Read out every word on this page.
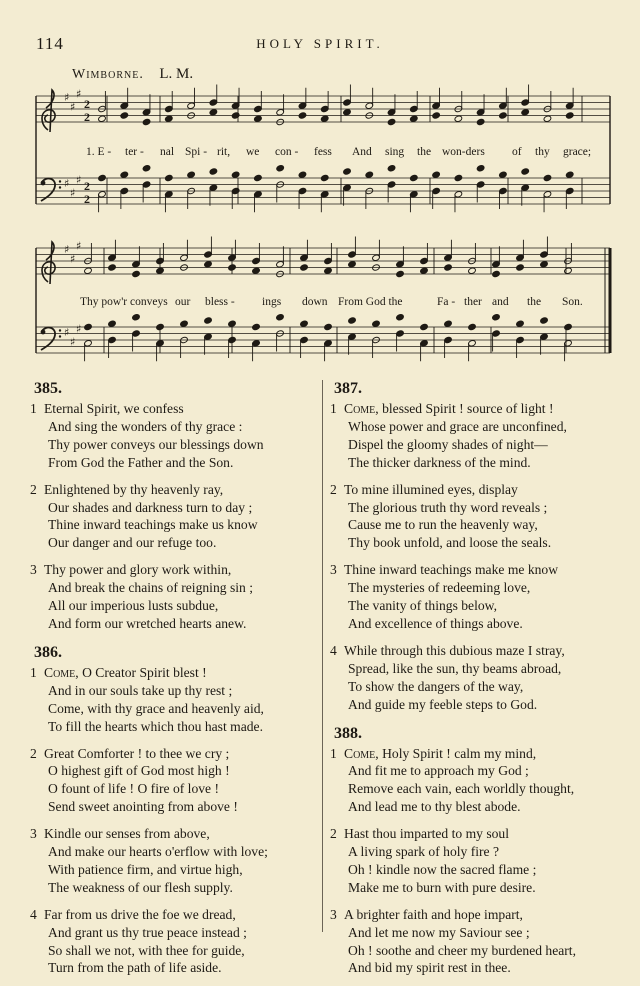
114	HOLY SPIRIT.
Wimborne. L. M.
♯
♯
♯
♯
♯
♯
2
2
2
2
♯
♯
♯
♯
♯
♯
1. E - ter - nal Spi - rit, we con - fess And sing the won-ders of thy grace;
Thy pow'r conveys our bless - ings down From God the	Fa - ther and the Son.
385.
1 Eternal Spirit, we confess
And sing the wonders of thy grace :
Thy power conveys our blessings down
From God the Father and the Son.
2 Enlightened by thy heavenly ray,
Our shades and darkness turn to day ;
Thine inward teachings make us know
Our danger and our refuge too.
3 Thy power and glory work within,
And break the chains of reigning sin ;
All our imperious lusts subdue,
And form our wretched hearts anew.
386.
1 Come, O Creator Spirit blest !
And in our souls take up thy rest ;
Come, with thy grace and heavenly aid,
To fill the hearts which thou hast made.
2 Great Comforter ! to thee we cry ;
O highest gift of God most high !
O fount of life ! O fire of love !
Send sweet anointing from above !
3 Kindle our senses from above,
And make our hearts o'erflow with love;
With patience firm, and virtue high,
The weakness of our flesh supply.
4 Far from us drive the foe we dread,
And grant us thy true peace instead ;
So shall we not, with thee for guide,
Turn from the path of life aside.
387.
1 Come, blessed Spirit ! source of light !
Whose power and grace are unconfined,
Dispel the gloomy shades of night—
The thicker darkness of the mind.
2 To mine illumined eyes, display
The glorious truth thy word reveals ;
Cause me to run the heavenly way,
Thy book unfold, and loose the seals.
3 Thine inward teachings make me know
The mysteries of redeeming love,
The vanity of things below,
And excellence of things above.
4 While through this dubious maze I stray,
Spread, like the sun, thy beams abroad,
To show the dangers of the way,
And guide my feeble steps to God.
388.
1 Come, Holy Spirit ! calm my mind,
And fit me to approach my God ;
Remove each vain, each worldly thought,
And lead me to thy blest abode.
2 Hast thou imparted to my soul
A living spark of holy fire ?
Oh ! kindle now the sacred flame ;
Make me to burn with pure desire.
3 A brighter faith and hope impart,
And let me now my Saviour see ;
Oh ! soothe and cheer my burdened heart,
And bid my spirit rest in thee.
